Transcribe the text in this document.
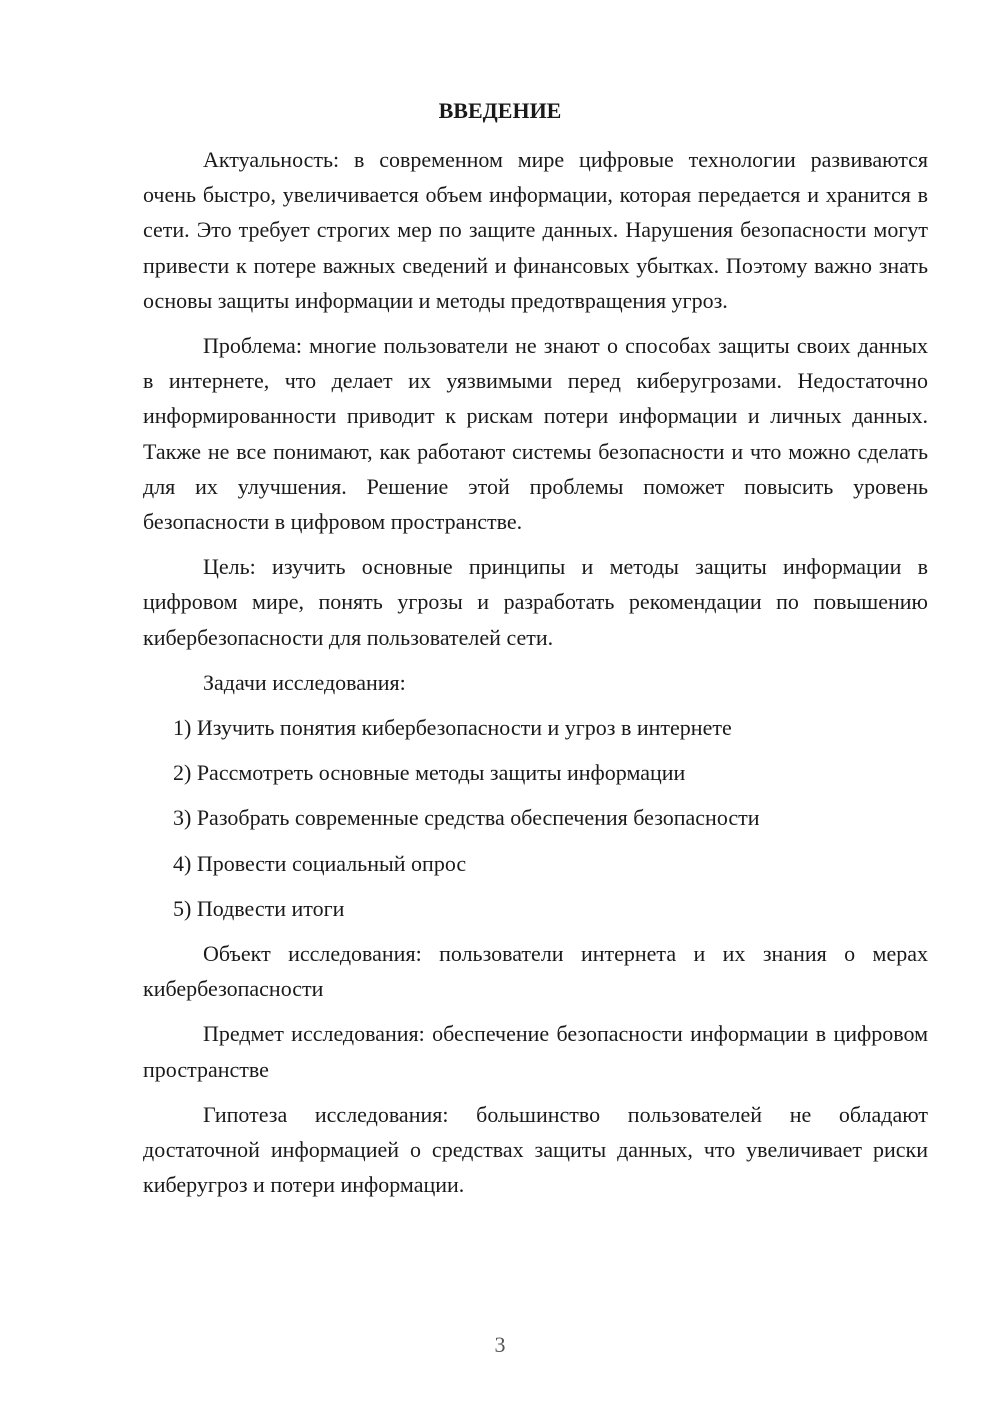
ВВЕДЕНИЕ

Актуальность: в современном мире цифровые технологии развиваются очень быстро, увеличивается объем информации, которая передается и хранится в сети. Это требует строгих мер по защите данных. Нарушения безопасности могут привести к потере важных сведений и финансовых убытках. Поэтому важно знать основы защиты информации и методы предотвращения угроз.

Проблема: многие пользователи не знают о способах защиты своих данных в интернете, что делает их уязвимыми перед киберугрозами. Недостаточно информированности приводит к рискам потери информации и личных данных. Также не все понимают, как работают системы безопасности и что можно сделать для их улучшения. Решение этой проблемы поможет повысить уровень безопасности в цифровом пространстве.

Цель: изучить основные принципы и методы защиты информации в цифровом мире, понять угрозы и разработать рекомендации по повышению кибербезопасности для пользователей сети.

Задачи исследования:

1) Изучить понятия кибербезопасности и угроз в интернете

2) Рассмотреть основные методы защиты информации

3) Разобрать современные средства обеспечения безопасности

4) Провести социальный опрос

5) Подвести итоги

Объект исследования: пользователи интернета и их знания о мерах кибербезопасности

Предмет исследования: обеспечение безопасности информации в цифровом пространстве

Гипотеза исследования: большинство пользователей не обладают достаточной информацией о средствах защиты данных, что увеличивает риски киберугроз и потери информации.

3
